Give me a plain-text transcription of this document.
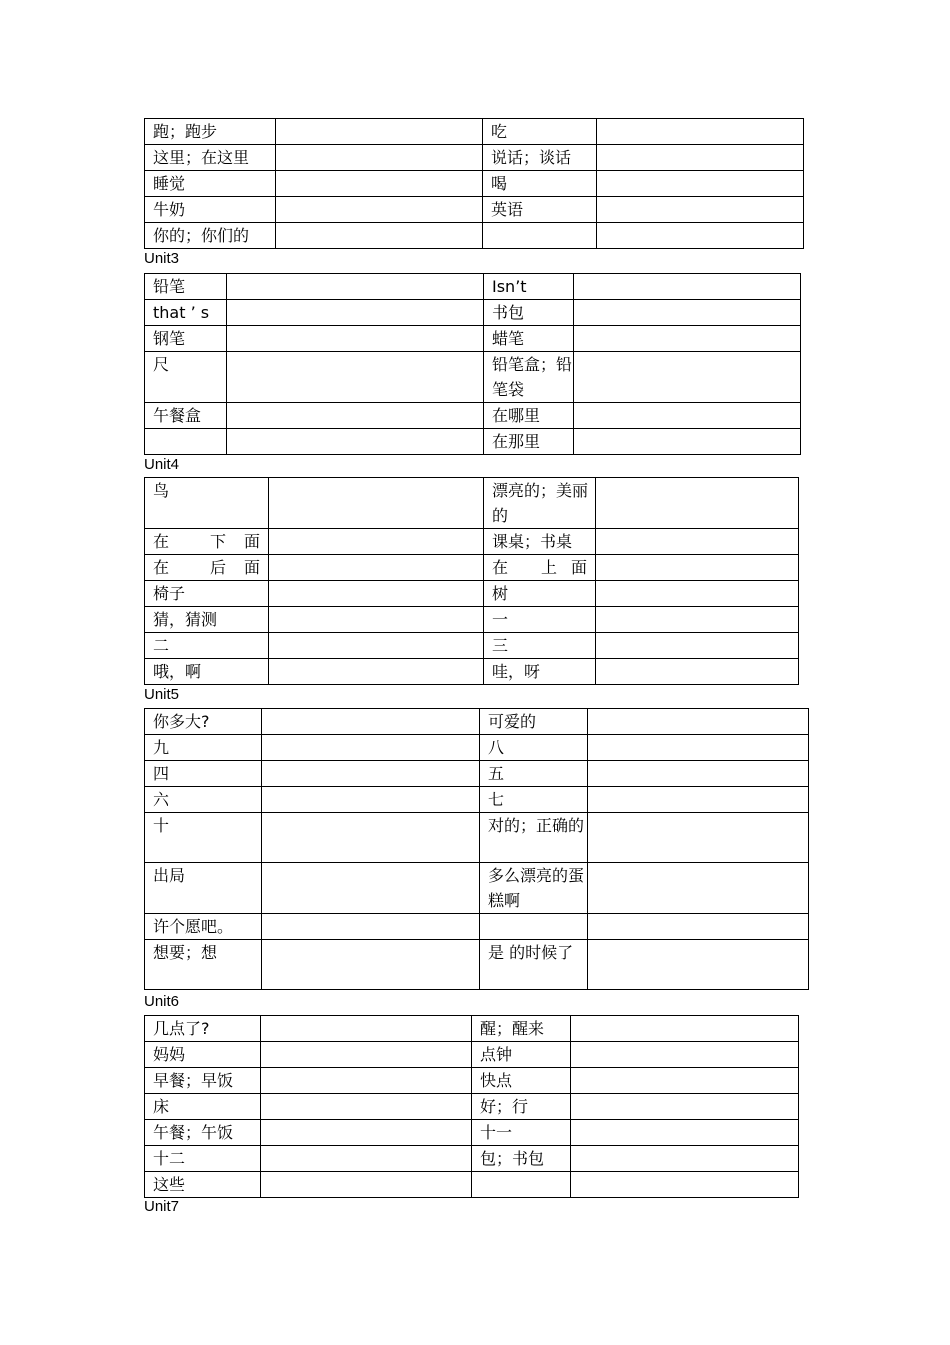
跑；跑步		吃	
这里；在这里		说话；谈话	
睡觉		喝	
牛奶		英语	
你的；你们的			
Unit3
铅笔		Isn’t	
that ’ s		书包	
钢笔		蜡笔	
尺		铅笔盒；铅笔袋	
午餐盒		在哪里	
		在那里	
Unit4
鸟		漂亮的；美丽的	
在 下面		课桌；书桌	
在 后面		在 上面	
椅子		树	
猜，猜测		一	
二		三	
哦，啊		哇，呀	
Unit5
你多大?		可爱的	
九		八	
四		五	
六		七	
十		对的；正确的	
出局		多么漂亮的蛋糕啊	
许个愿吧。			
想要；想		是 的时候了	
Unit6
几点了?		醒；醒来	
妈妈		点钟	
早餐；早饭		快点	
床		好；行	
午餐；午饭		十一	
十二		包；书包	
这些			
Unit7
